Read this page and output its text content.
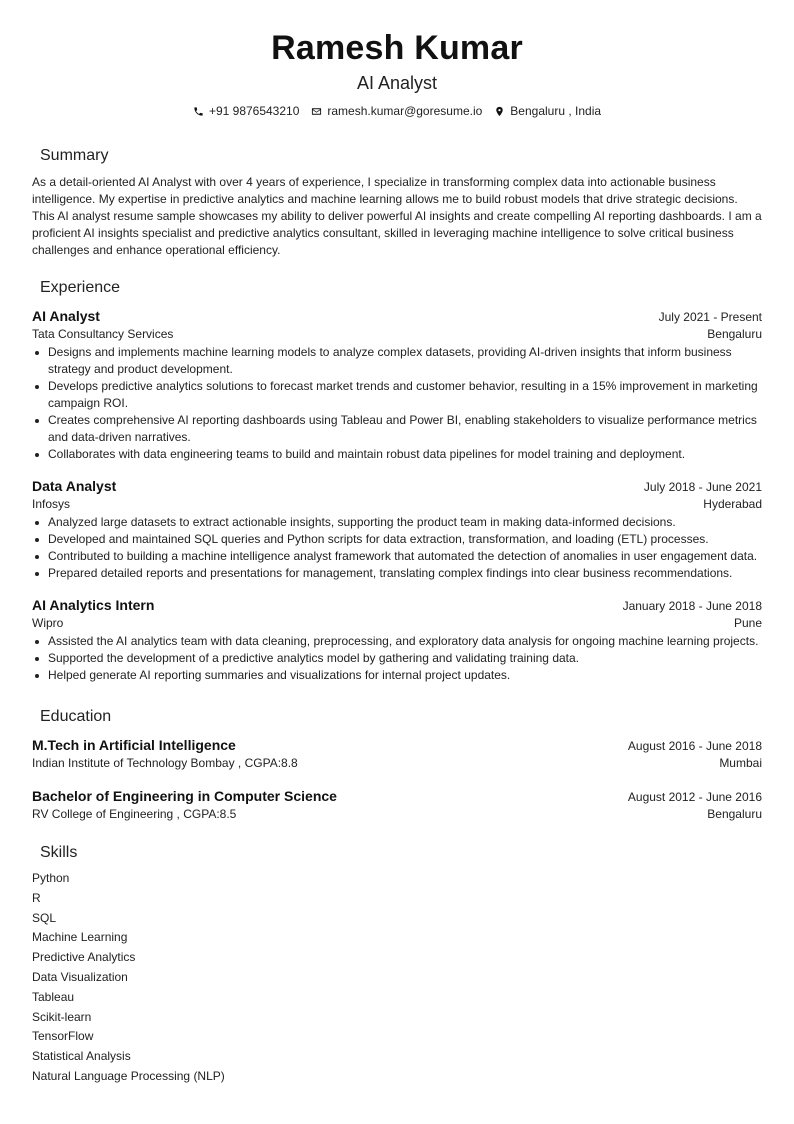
Ramesh Kumar
AI Analyst
+91 9876543210 ramesh.kumar@goresume.io Bengaluru , India
Summary
As a detail-oriented AI Analyst with over 4 years of experience, I specialize in transforming complex data into actionable business intelligence. My expertise in predictive analytics and machine learning allows me to build robust models that drive strategic decisions. This AI analyst resume sample showcases my ability to deliver powerful AI insights and create compelling AI reporting dashboards. I am a proficient AI insights specialist and predictive analytics consultant, skilled in leveraging machine intelligence to solve critical business challenges and enhance operational efficiency.
Experience
AI Analyst	July 2021 - Present
Tata Consultancy Services	Bengaluru
Designs and implements machine learning models to analyze complex datasets, providing AI-driven insights that inform business strategy and product development.
Develops predictive analytics solutions to forecast market trends and customer behavior, resulting in a 15% improvement in marketing campaign ROI.
Creates comprehensive AI reporting dashboards using Tableau and Power BI, enabling stakeholders to visualize performance metrics and data-driven narratives.
Collaborates with data engineering teams to build and maintain robust data pipelines for model training and deployment.
Data Analyst	July 2018 - June 2021
Infosys	Hyderabad
Analyzed large datasets to extract actionable insights, supporting the product team in making data-informed decisions.
Developed and maintained SQL queries and Python scripts for data extraction, transformation, and loading (ETL) processes.
Contributed to building a machine intelligence analyst framework that automated the detection of anomalies in user engagement data.
Prepared detailed reports and presentations for management, translating complex findings into clear business recommendations.
AI Analytics Intern	January 2018 - June 2018
Wipro	Pune
Assisted the AI analytics team with data cleaning, preprocessing, and exploratory data analysis for ongoing machine learning projects.
Supported the development of a predictive analytics model by gathering and validating training data.
Helped generate AI reporting summaries and visualizations for internal project updates.
Education
M.Tech in Artificial Intelligence	August 2016 - June 2018
Indian Institute of Technology Bombay , CGPA:8.8	Mumbai
Bachelor of Engineering in Computer Science	August 2012 - June 2016
RV College of Engineering , CGPA:8.5	Bengaluru
Skills
Python
R
SQL
Machine Learning
Predictive Analytics
Data Visualization
Tableau
Scikit-learn
TensorFlow
Statistical Analysis
Natural Language Processing (NLP)
